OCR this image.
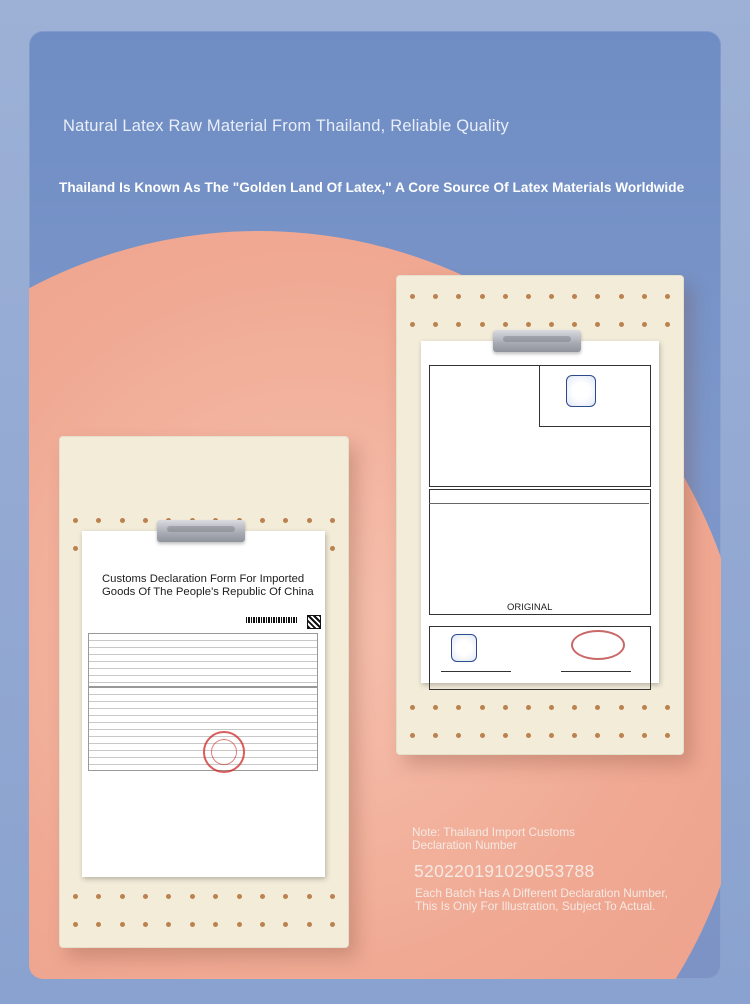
Natural Latex Raw Material From Thailand, Reliable Quality
Thailand Is Known As The "Golden Land Of Latex," A Core Source Of Latex Materials Worldwide
Customs Declaration Form For Imported Goods Of The People's Republic Of China
ORIGINAL
Note: Thailand Import Customs Declaration Number
520220191029053788
Each Batch Has A Different Declaration Number, This Is Only For Illustration, Subject To Actual.
